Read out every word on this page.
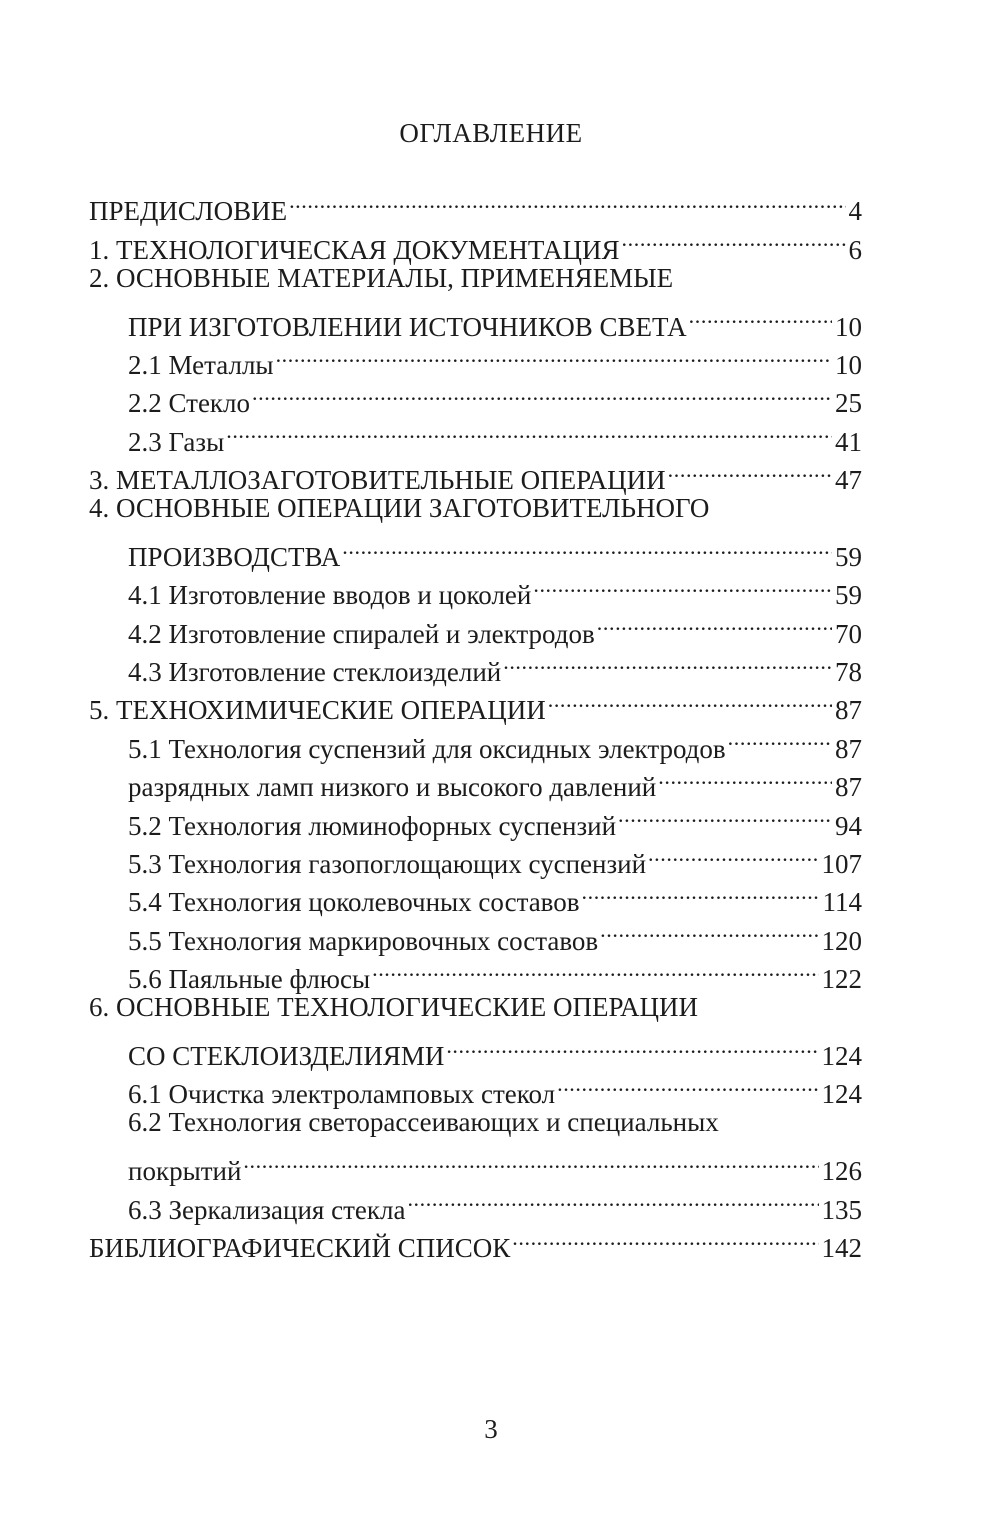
ОГЛАВЛЕНИЕ
ПРЕДИСЛОВИЕ .....	4
1. ТЕХНОЛОГИЧЕСКАЯ ДОКУМЕНТАЦИЯ .....	6
2. ОСНОВНЫЕ МАТЕРИАЛЫ, ПРИМЕНЯЕМЫЕ
ПРИ ИЗГОТОВЛЕНИИ ИСТОЧНИКОВ СВЕТА .....	10
2.1 Металлы .....	10
2.2 Стекло .....	25
2.3 Газы .....	41
3. МЕТАЛЛОЗАГОТОВИТЕЛЬНЫЕ ОПЕРАЦИИ .....	47
4. ОСНОВНЫЕ ОПЕРАЦИИ ЗАГОТОВИТЕЛЬНОГО
ПРОИЗВОДСТВА .....	59
4.1 Изготовление вводов и цоколей .....	59
4.2 Изготовление спиралей и электродов .....	70
4.3 Изготовление стеклоизделий .....	78
5. ТЕХНОХИМИЧЕСКИЕ ОПЕРАЦИИ .....	87
5.1 Технология суспензий для оксидных электродов .....	87
разрядных ламп низкого и высокого давлений .....	87
5.2 Технология люминофорных суспензий .....	94
5.3 Технология газопоглощающих суспензий .....	107
5.4 Технология цоколевочных составов .....	114
5.5 Технология маркировочных составов .....	120
5.6 Паяльные флюсы .....	122
6. ОСНОВНЫЕ ТЕХНОЛОГИЧЕСКИЕ ОПЕРАЦИИ
СО СТЕКЛОИЗДЕЛИЯМИ .....	124
6.1 Очистка электроламповых стекол .....	124
6.2 Технология светорассеивающих и специальных
покрытий .....	126
6.3 Зеркализация стекла .....	135
БИБЛИОГРАФИЧЕСКИЙ СПИСОК .....	142
3
